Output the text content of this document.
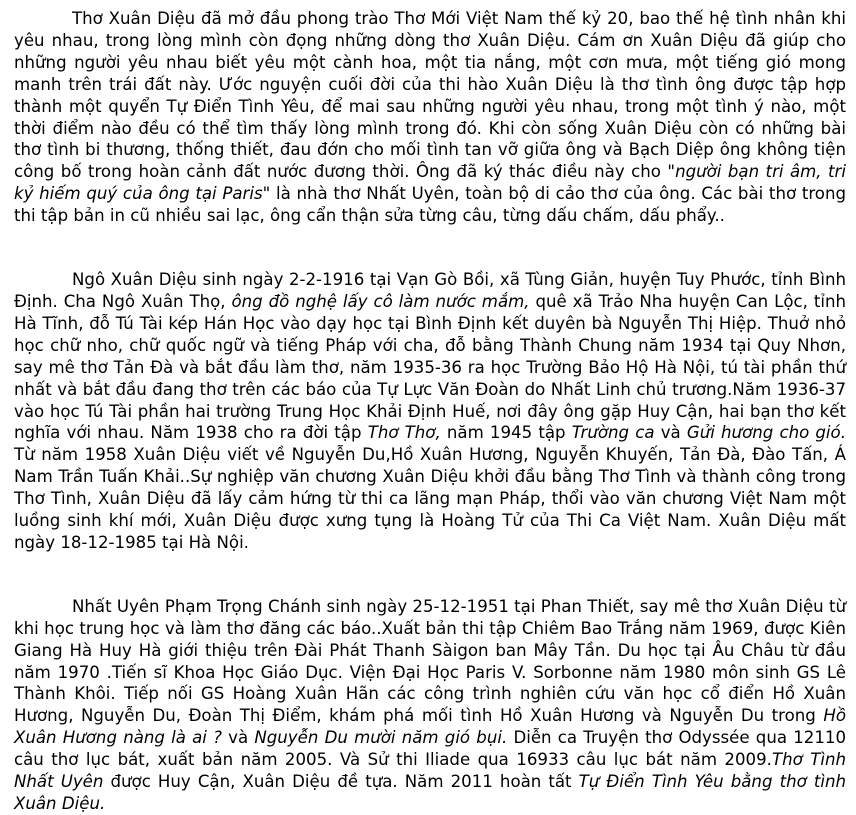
Thơ Xuân Diệu đã mở đầu phong trào Thơ Mới Việt Nam thế kỷ 20, bao thế hệ tình nhân khi yêu nhau, trong lòng mình còn đọng những dòng thơ Xuân Diệu. Cám ơn Xuân Diệu đã giúp cho những người yêu nhau biết yêu một cành hoa, một tia nắng, một cơn mưa, một tiếng gió mong manh trên trái đất này. Ước nguyện cuối đời của thi hào Xuân Diệu là thơ tình ông được tập hợp thành một quyển Tự Điển Tình Yêu, để mai sau những người yêu nhau, trong một tình ý nào, một thời điểm nào đều có thể tìm thấy lòng mình trong đó. Khi còn sống Xuân Diệu còn có những bài thơ tình bi thương, thống thiết, đau đớn cho mối tình tan vỡ giữa ông và Bạch Diệp ông không tiện công bố trong hoàn cảnh đất nước đương thời. Ông đã ký thác điều này cho "người bạn tri âm, tri kỷ hiếm quý của ông tại Paris" là nhà thơ Nhất Uyên, toàn bộ di cảo thơ của ông. Các bài thơ trong thi tập bản in cũ nhiều sai lạc, ông cẩn thận sửa từng câu, từng dấu chấm, dấu phẩy..

Ngô Xuân Diệu sinh ngày 2-2-1916 tại Vạn Gò Bồi, xã Tùng Giản, huyện Tuy Phước, tỉnh Bình Định. Cha Ngô Xuân Thọ, ông đồ nghệ lấy cô làm nước mắm, quê xã Trảo Nha huyện Can Lộc, tỉnh Hà Tĩnh, đỗ Tú Tài kép Hán Học vào dạy học tại Bình Định kết duyên bà Nguyễn Thị Hiệp. Thuở nhỏ học chữ nho, chữ quốc ngữ và tiếng Pháp với cha, đỗ bằng Thành Chung năm 1934 tại Quy Nhơn, say mê thơ Tản Đà và bắt đầu làm thơ, năm 1935-36 ra học Trường Bảo Hộ Hà Nội, tú tài phần thứ nhất và bắt đầu đang thơ trên các báo của Tự Lực Văn Đoàn do Nhất Linh chủ trương.Năm 1936-37 vào học Tú Tài phần hai trường Trung Học Khải Định Huế, nơi đây ông gặp Huy Cận, hai bạn thơ kết nghĩa với nhau. Năm 1938 cho ra đời tập Thơ Thơ, năm 1945 tập Trường ca và Gửi hương cho gió. Từ năm 1958 Xuân Diệu viết về Nguyễn Du,Hồ Xuân Hương, Nguyễn Khuyến, Tản Đà, Đào Tấn, Á Nam Trần Tuấn Khải..Sự nghiệp văn chương Xuân Diệu khởi đầu bằng Thơ Tình và thành công trong Thơ Tình, Xuân Diệu đã lấy cảm hứng từ thi ca lãng mạn Pháp, thổi vào văn chương Việt Nam một luồng sinh khí mới, Xuân Diệu được xưng tụng là Hoàng Tử của Thi Ca Việt Nam. Xuân Diệu mất ngày 18-12-1985 tại Hà Nội.

Nhất Uyên Phạm Trọng Chánh sinh ngày 25-12-1951 tại Phan Thiết, say mê thơ Xuân Diệu từ khi học trung học và làm thơ đăng các báo..Xuất bản thi tập Chiêm Bao Trắng năm 1969, được Kiên Giang Hà Huy Hà giới thiệu trên Đài Phát Thanh Sàigon ban Mây Tần. Du học tại Âu Châu từ đầu năm 1970 .Tiến sĩ Khoa Học Giáo Dục. Viện Đại Học Paris V. Sorbonne năm 1980 môn sinh GS Lê Thành Khôi. Tiếp nối GS Hoàng Xuân Hãn các công trình nghiên cứu văn học cổ điển Hồ Xuân Hương, Nguyễn Du, Đoàn Thị Điểm, khám phá mối tình Hồ Xuân Hương và Nguyễn Du trong Hồ Xuân Hương nàng là ai ? và Nguyễn Du mười năm gió bụi. Diễn ca Truyện thơ Odyssée qua 12110 câu thơ lục bát, xuất bản năm 2005. Và Sử thi Iliade qua 16933 câu lục bát năm 2009.Thơ Tình Nhất Uyên được Huy Cận, Xuân Diệu đề tựa. Năm 2011 hoàn tất Tự Điển Tình Yêu bằng thơ tình Xuân Diệu.
